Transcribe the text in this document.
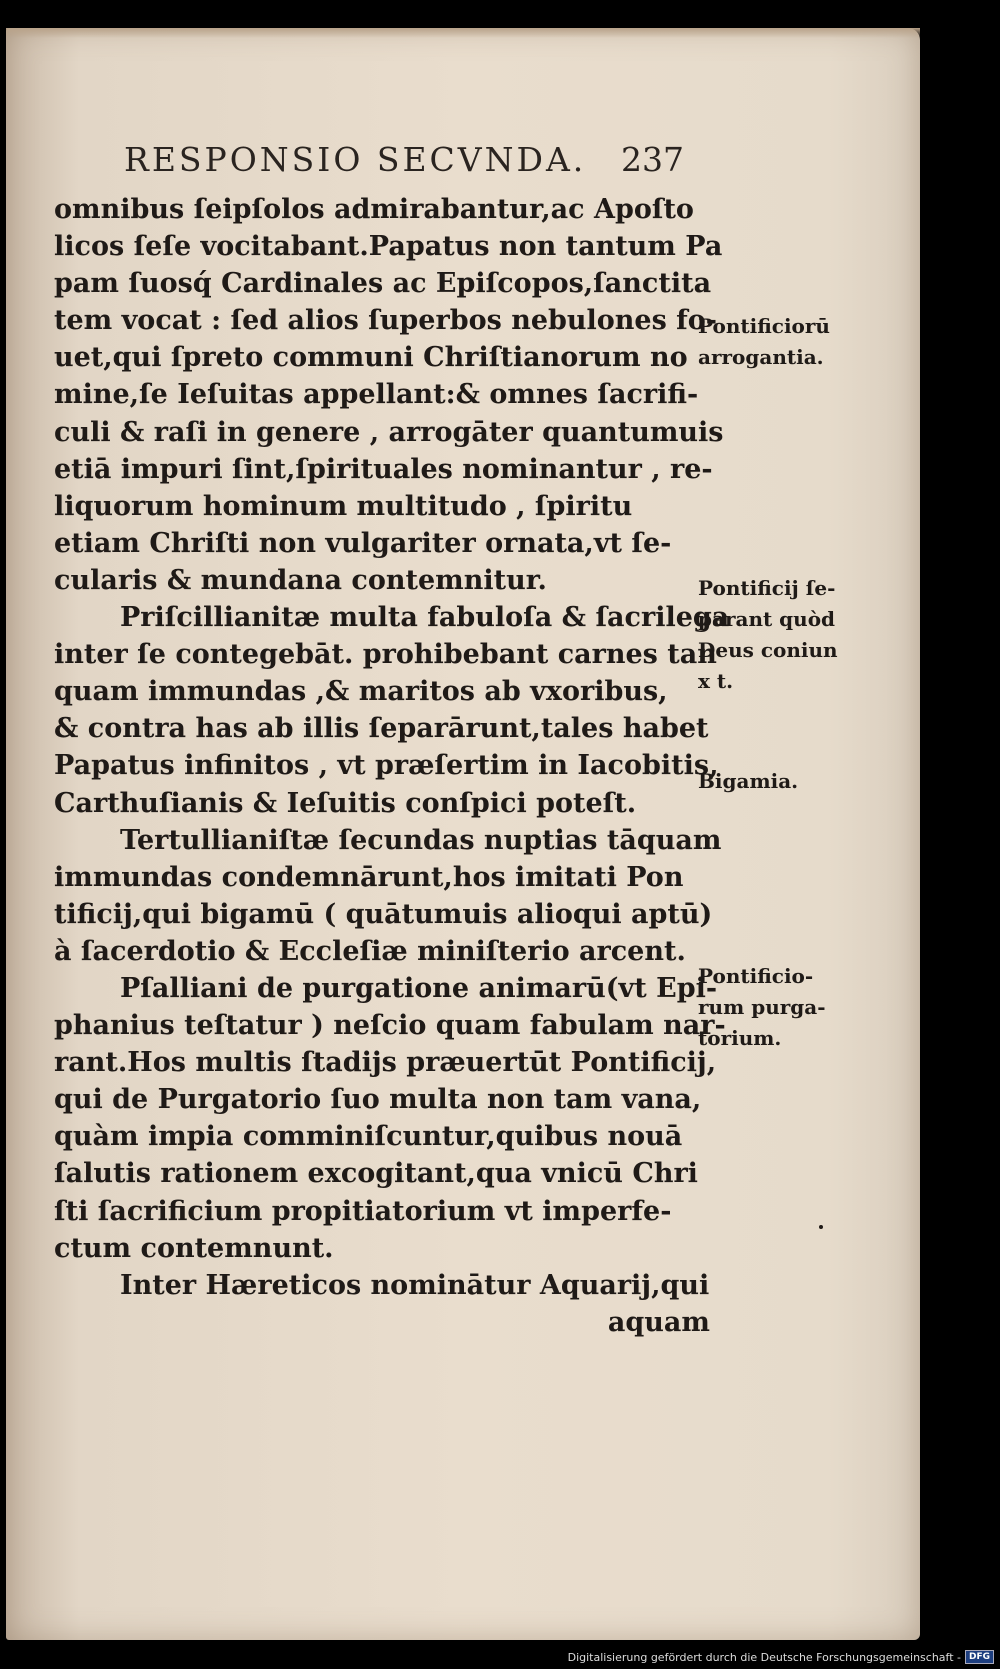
RESPONSIO SECVNDA. 237
omnibus ſeipſolos admirabantur,ac Apoſto
licos ſeſe vocitabant.Papatus non tantum Pa
pam ſuosq́ Cardinales ac Epiſcopos,ſanctita
tem vocat : ſed alios ſuperbos nebulones fo-
uet,qui ſpreto communi Chriſtianorum no
mine,ſe Ieſuitas appellant:& omnes ſacrifi-
culi & raſi in genere , arrogāter quantumuis
etiā impuri ſint,ſpirituales nominantur , re-
liquorum hominum multitudo , ſpiritu
etiam Chriſti non vulgariter ornata,vt ſe-
cularis & mundana contemnitur.
Priſcillianitæ multa fabuloſa & ſacrilega
inter ſe contegebāt. prohibebant carnes tan
quam immundas ,& maritos ab vxoribus,
& contra has ab illis ſeparārunt,tales habet
Papatus infinitos , vt præſertim in Iacobitis,
Carthuſianis & Ieſuitis conſpici poteſt.
Tertullianiſtæ ſecundas nuptias tāquam
immundas condemnārunt,hos imitati Pon
tificij,qui bigamū ( quātumuis alioqui aptū)
à ſacerdotio & Eccleſiæ miniſterio arcent.
Pſalliani de purgatione animarū(vt Epi-
phanius teſtatur ) neſcio quam fabulam nar-
rant.Hos multis ſtadijs præuertūt Pontificij,
qui de Purgatorio ſuo multa non tam vana,
quàm impia comminiſcuntur,quibus nouā
ſalutis rationem excogitant,qua vnicū Chri
ſti ſacrificium propitiatorium vt imperfe-
ctum contemnunt.
Inter Hæreticos nominātur Aquarij,qui
aquam
Pontificiorū
arrogantia.
Pontificij ſe-
parant quòd
Deus coniun
x t.
Bigamia.
Pontificio-
rum purga-
torium.
Digitalisierung gefördert durch die Deutsche Forschungsgemeinschaft - DFG
